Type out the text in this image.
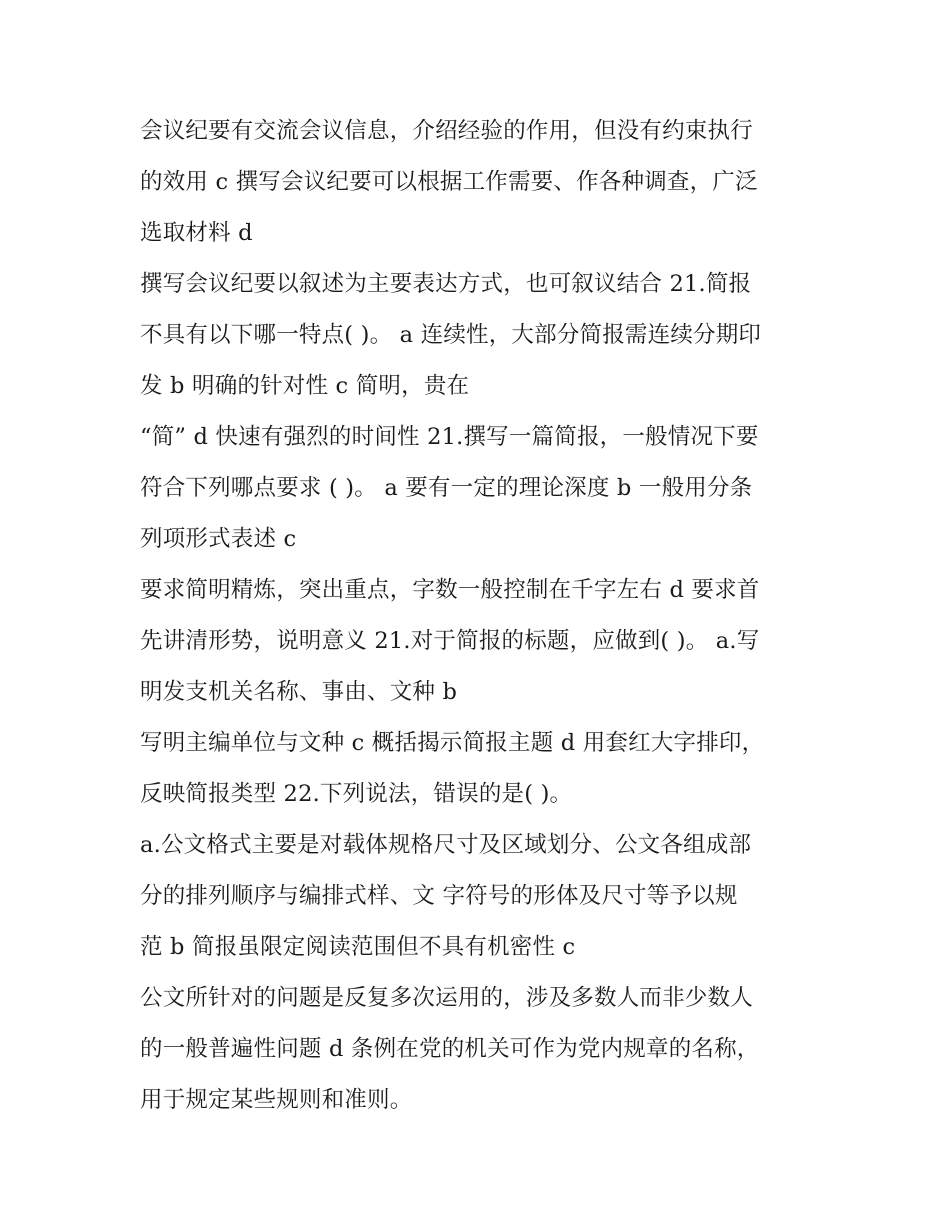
会议纪要有交流会议信息，介绍经验的作用，但没有约束执行
的效用 c 撰写会议纪要可以根据工作需要、作各种调查，广泛
选取材料 d
撰写会议纪要以叙述为主要表达方式，也可叙议结合 21.简报
不具有以下哪一特点( )。 a 连续性，大部分简报需连续分期印
发 b 明确的针对性 c 简明，贵在
“简” d 快速有强烈的时间性 21.撰写一篇简报，一般情况下要
符合下列哪点要求 ( )。 a 要有一定的理论深度 b 一般用分条
列项形式表述 c
要求简明精炼，突出重点，字数一般控制在千字左右 d 要求首
先讲清形势，说明意义 21.对于简报的标题，应做到( )。 a.写
明发支机关名称、事由、文种 b
写明主编单位与文种 c 概括揭示简报主题 d 用套红大字排印，
反映简报类型 22.下列说法，错误的是( )。
a.公文格式主要是对载体规格尺寸及区域划分、公文各组成部
分的排列顺序与编排式样、文 字符号的形体及尺寸等予以规
范 b 简报虽限定阅读范围但不具有机密性 c
公文所针对的问题是反复多次运用的，涉及多数人而非少数人
的一般普遍性问题 d 条例在党的机关可作为党内规章的名称，
用于规定某些规则和准则。
